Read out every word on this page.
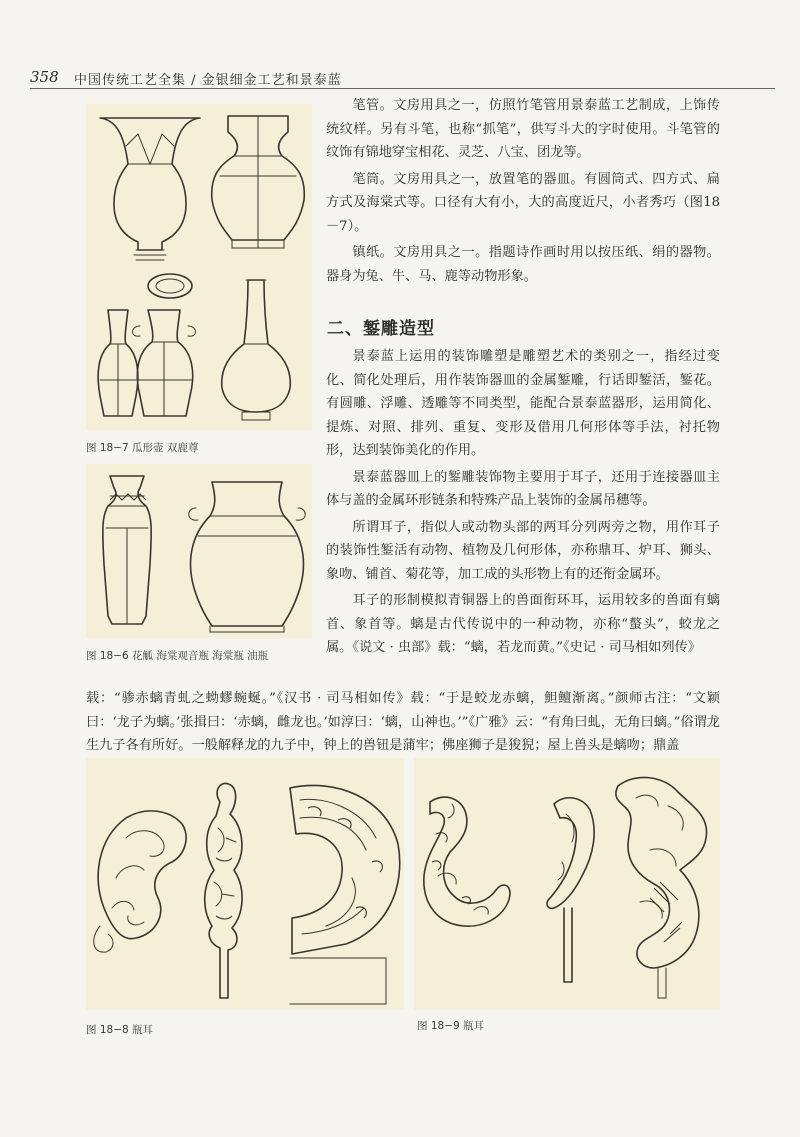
358 中国传统工艺全集 / 金银细金工艺和景泰蓝
图 18−7 瓜形壶 双鹿尊
图 18−6 花觚 海棠观音瓶 海棠瓶 油瓶

笔管。文房用具之一，仿照竹笔管用景泰蓝工艺制成，上饰传统纹样。另有斗笔，也称“抓笔”，供写斗大的字时使用。斗笔管的纹饰有锦地穿宝相花、灵芝、八宝、团龙等。

笔筒。文房用具之一，放置笔的器皿。有圆筒式、四方式、扁方式及海棠式等。口径有大有小，大的高度近尺，小者秀巧（图18－7）。

镇纸。文房用具之一。指题诗作画时用以按压纸、绢的器物。器身为兔、牛、马、鹿等动物形象。

二、錾雕造型

景泰蓝上运用的装饰雕塑是雕塑艺术的类别之一，指经过变化、简化处理后，用作装饰器皿的金属錾雕，行话即錾活，錾花。有圆雕、浮雕、透雕等不同类型，能配合景泰蓝器形，运用简化、提炼、对照、排列、重复、变形及借用几何形体等手法，衬托物形，达到装饰美化的作用。

景泰蓝器皿上的錾雕装饰物主要用于耳子，还用于连接器皿主体与盖的金属环形链条和特殊产品上装饰的金属吊穗等。

所谓耳子，指似人或动物头部的两耳分列两旁之物，用作耳子的装饰性錾活有动物、植物及几何形体，亦称鼎耳、炉耳、狮头、象吻、铺首、菊花等，加工成的头形物上有的还衔金属环。

耳子的形制模拟青铜器上的兽面衔环耳，运用较多的兽面有螭首、象首等。螭是古代传说中的一种动物，亦称“螯头”，蛟龙之属。《说文 · 虫部》载：“螭，若龙而黄。”《史记 · 司马相如列传》

载：“骖赤螭青虬之蚴蟉蜿蜒。”《汉书 · 司马相如传》载：“于是蛟龙赤螭，䱇鳣渐离。”颜师古注：“文颖曰：‘龙子为螭。’张揖曰：‘赤螭，雌龙也。’如淳曰：‘螭，山神也。’”《广雅》云：“有角曰虬，无角曰螭。”俗谓龙生九子各有所好。一般解释龙的九子中，钟上的兽钮是蒲牢；佛座狮子是狻猊；屋上兽头是螭吻；鼎盖
图 18−8 瓶耳	图 18−9 瓶耳
